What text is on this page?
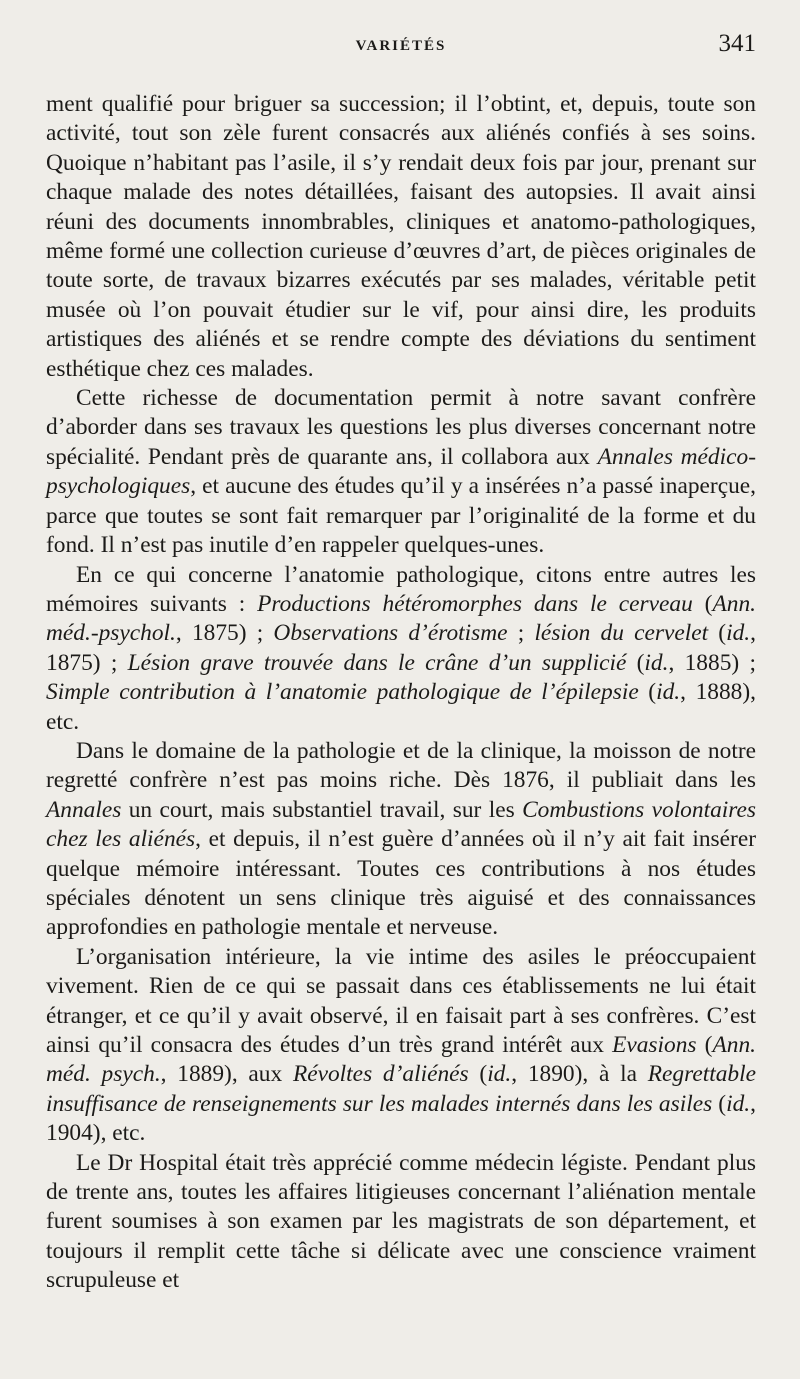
VARIÉTÉS	341

ment qualifié pour briguer sa succession; il l’obtint, et, depuis, toute son activité, tout son zèle furent consacrés aux aliénés confiés à ses soins. Quoique n’habitant pas l’asile, il s’y rendait deux fois par jour, prenant sur chaque malade des notes détaillées, faisant des autopsies. Il avait ainsi réuni des documents innombrables, cliniques et anatomo-pathologiques, même formé une collection curieuse d’œuvres d’art, de pièces originales de toute sorte, de travaux bizarres exécutés par ses malades, véritable petit musée où l’on pouvait étudier sur le vif, pour ainsi dire, les produits artistiques des aliénés et se rendre compte des déviations du sentiment esthétique chez ces malades.

Cette richesse de documentation permit à notre savant confrère d’aborder dans ses travaux les questions les plus diverses concernant notre spécialité. Pendant près de quarante ans, il collabora aux Annales médico-psychologiques, et aucune des études qu’il y a insérées n’a passé inaperçue, parce que toutes se sont fait remarquer par l’originalité de la forme et du fond. Il n’est pas inutile d’en rappeler quelques-unes.

En ce qui concerne l’anatomie pathologique, citons entre autres les mémoires suivants : Productions hétéromorphes dans le cerveau (Ann. méd.-psychol., 1875) ; Observations d’érotisme ; lésion du cervelet (id., 1875) ; Lésion grave trouvée dans le crâne d’un supplicié (id., 1885) ; Simple contribution à l’anatomie pathologique de l’épilepsie (id., 1888), etc.

Dans le domaine de la pathologie et de la clinique, la moisson de notre regretté confrère n’est pas moins riche. Dès 1876, il publiait dans les Annales un court, mais substantiel travail, sur les Combustions volontaires chez les aliénés, et depuis, il n’est guère d’années où il n’y ait fait insérer quelque mémoire intéressant. Toutes ces contributions à nos études spéciales dénotent un sens clinique très aiguisé et des connaissances approfondies en pathologie mentale et nerveuse.

L’organisation intérieure, la vie intime des asiles le préoccupaient vivement. Rien de ce qui se passait dans ces établissements ne lui était étranger, et ce qu’il y avait observé, il en faisait part à ses confrères. C’est ainsi qu’il consacra des études d’un très grand intérêt aux Evasions (Ann. méd. psych., 1889), aux Révoltes d’aliénés (id., 1890), à la Regrettable insuffisance de renseignements sur les malades internés dans les asiles (id., 1904), etc.

Le Dr Hospital était très apprécié comme médecin légiste. Pendant plus de trente ans, toutes les affaires litigieuses concernant l’aliénation mentale furent soumises à son examen par les magistrats de son département, et toujours il remplit cette tâche si délicate avec une conscience vraiment scrupuleuse et
